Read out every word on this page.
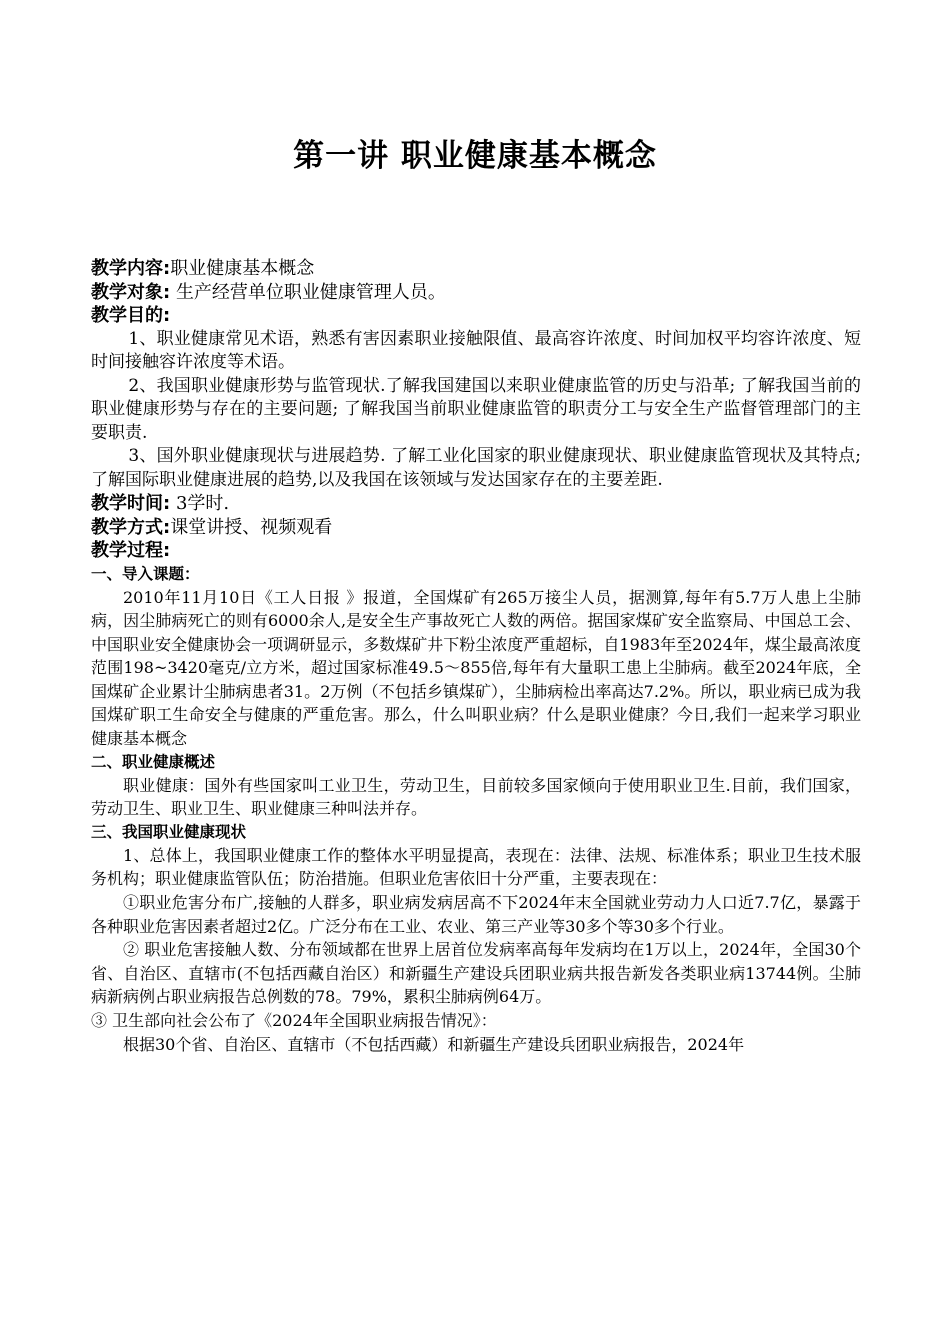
第一讲 职业健康基本概念

教学内容:职业健康基本概念

教学对象: 生产经营单位职业健康管理人员。

教学目的:

1、职业健康常见术语，熟悉有害因素职业接触限值、最高容许浓度、时间加权平均容许浓度、短时间接触容许浓度等术语。

2、我国职业健康形势与监管现状.了解我国建国以来职业健康监管的历史与沿革; 了解我国当前的职业健康形势与存在的主要问题; 了解我国当前职业健康监管的职责分工与安全生产监督管理部门的主要职责.

3、国外职业健康现状与进展趋势. 了解工业化国家的职业健康现状、职业健康监管现状及其特点; 了解国际职业健康进展的趋势,以及我国在该领域与发达国家存在的主要差距.

教学时间: 3学时.

教学方式:课堂讲授、视频观看

教学过程:

一、导入课题：

2010年11月10日《工人日报 》报道，全国煤矿有265万接尘人员，据测算,每年有5.7万人患上尘肺病，因尘肺病死亡的则有6000余人,是安全生产事故死亡人数的两倍。据国家煤矿安全监察局、中国总工会、中国职业安全健康协会一项调研显示，多数煤矿井下粉尘浓度严重超标，自1983年至2024年，煤尘最高浓度范围198~3420毫克/立方米，超过国家标准49.5～855倍,每年有大量职工患上尘肺病。截至2024年底，全国煤矿企业累计尘肺病患者31。2万例（不包括乡镇煤矿），尘肺病检出率高达7.2%。所以，职业病已成为我国煤矿职工生命安全与健康的严重危害。那么，什么叫职业病？什么是职业健康？今日,我们一起来学习职业健康基本概念

二、职业健康概述

职业健康：国外有些国家叫工业卫生，劳动卫生，目前较多国家倾向于使用职业卫生.目前，我们国家，劳动卫生、职业卫生、职业健康三种叫法并存。

三、我国职业健康现状

1、总体上，我国职业健康工作的整体水平明显提高，表现在：法律、法规、标准体系；职业卫生技术服务机构；职业健康监管队伍；防治措施。但职业危害依旧十分严重，主要表现在：

①职业危害分布广,接触的人群多，职业病发病居高不下2024年末全国就业劳动力人口近7.7亿，暴露于各种职业危害因素者超过2亿。广泛分布在工业、农业、第三产业等30多个等30多个行业。

② 职业危害接触人数、分布领域都在世界上居首位发病率高每年发病均在1万以上，2024年，全国30个省、自治区、直辖市(不包括西藏自治区）和新疆生产建设兵团职业病共报告新发各类职业病13744例。尘肺病新病例占职业病报告总例数的78。79%，累积尘肺病例64万。

③ 卫生部向社会公布了《2024年全国职业病报告情况》：

根据30个省、自治区、直辖市（不包括西藏）和新疆生产建设兵团职业病报告，2024年
